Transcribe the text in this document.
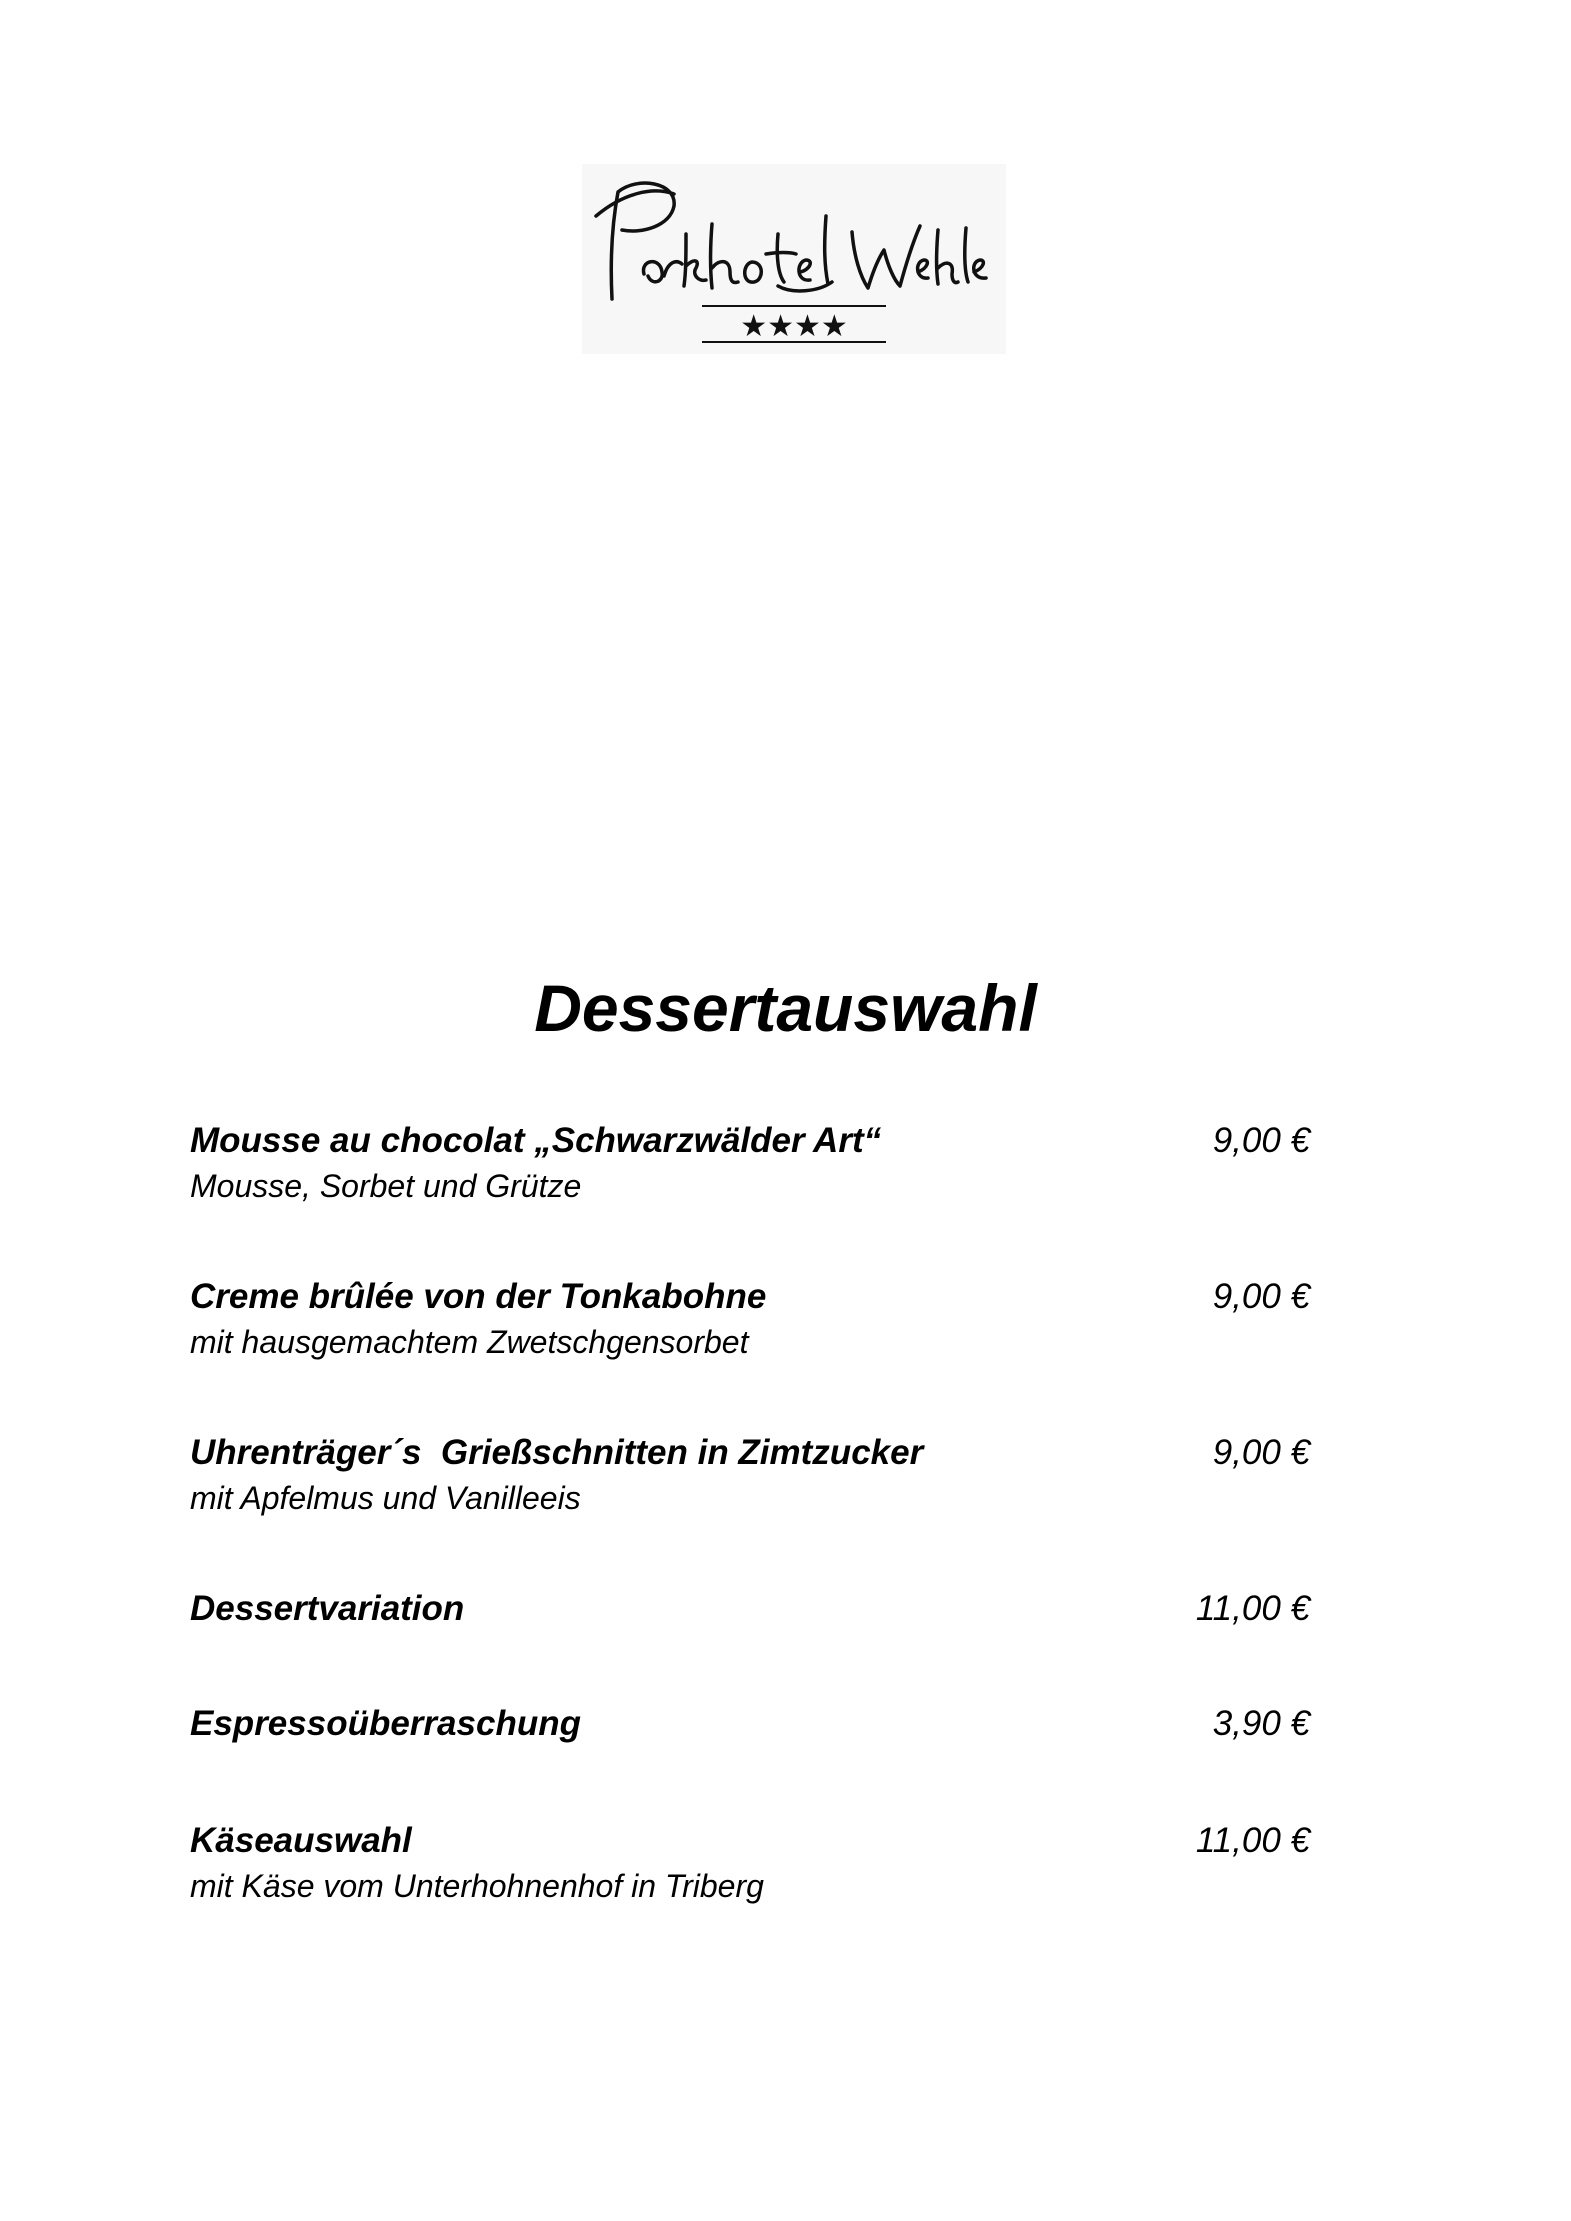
★★★★
Dessertauswahl
Mousse au chocolat „Schwarzwälder Art“	9,00 €
Mousse, Sorbet und Grütze
Creme brûlée von der Tonkabohne	9,00 €
mit hausgemachtem Zwetschgensorbet
Uhrenträger´s  Grießschnitten in Zimtzucker	9,00 €
mit Apfelmus und Vanilleeis
Dessertvariation	11,00 €
Espressoüberraschung	3,90 €
Käseauswahl	11,00 €
mit Käse vom Unterhohnenhof in Triberg
